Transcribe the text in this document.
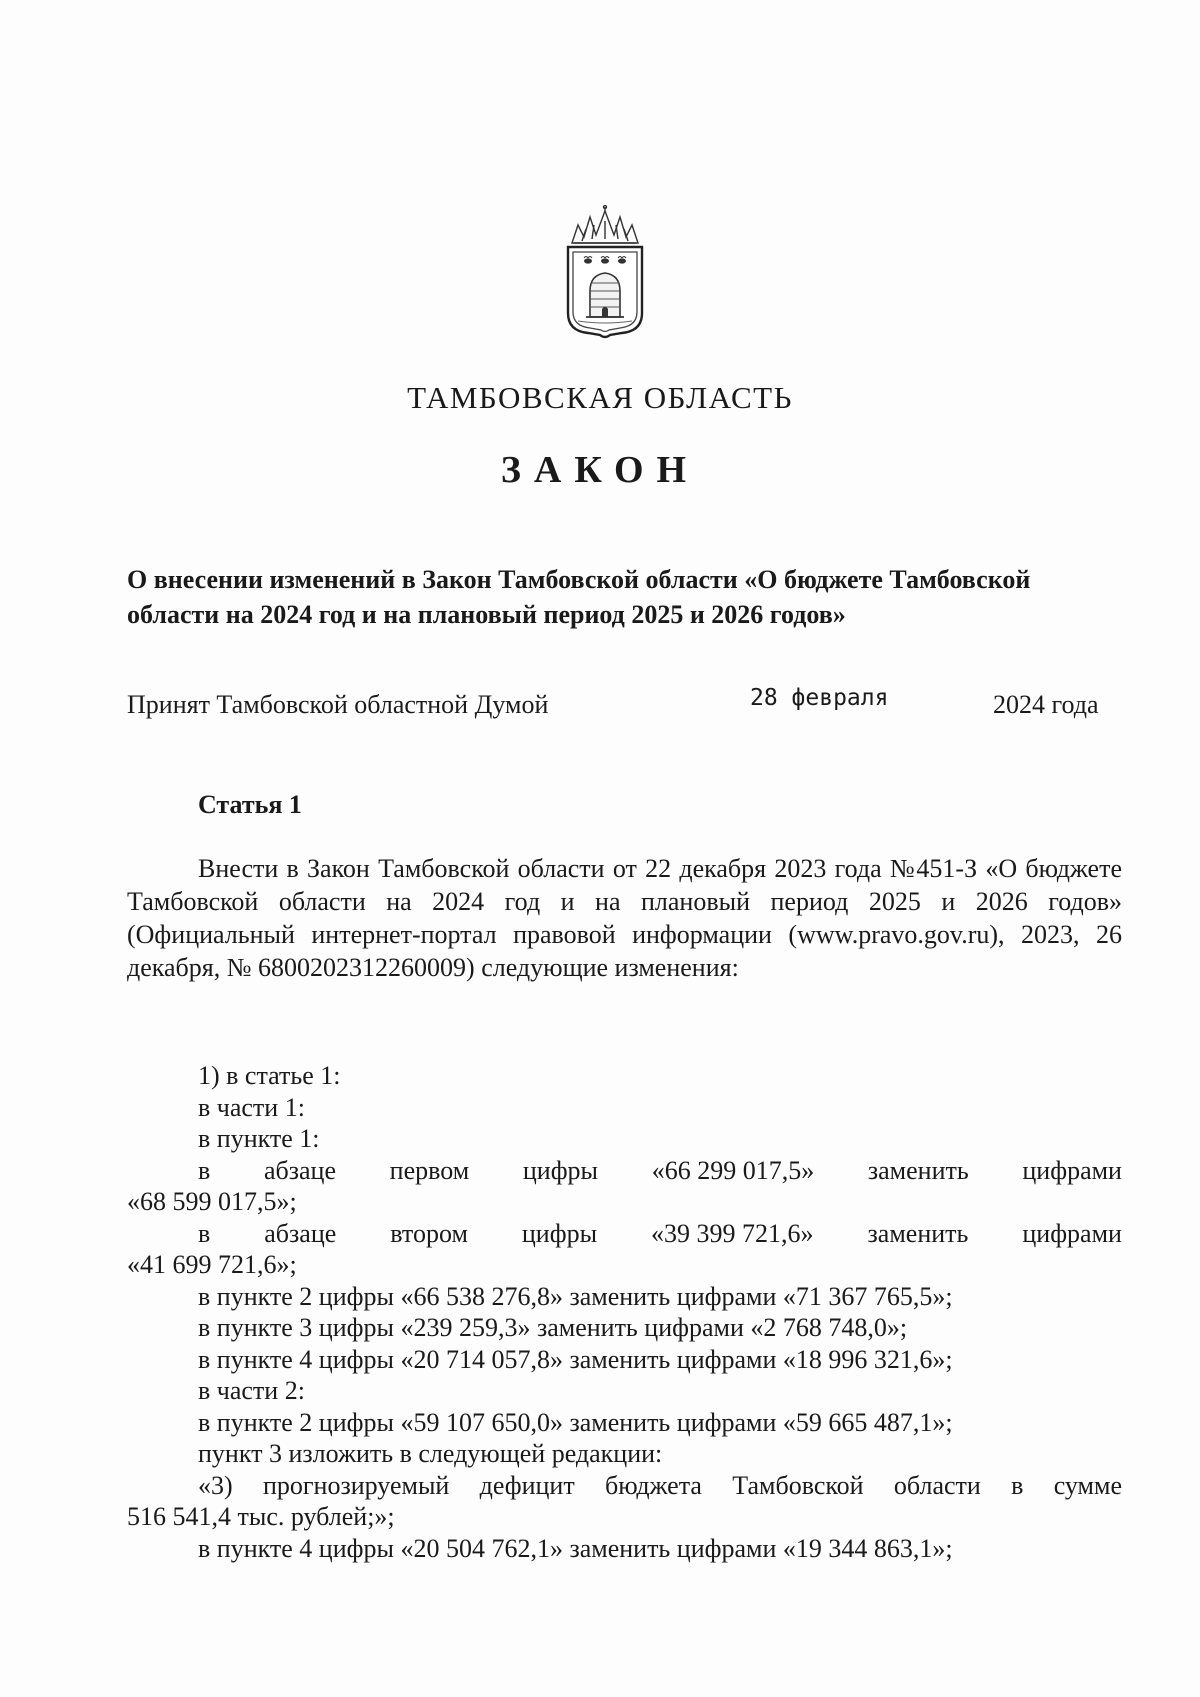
ТАМБОВСКАЯ ОБЛАСТЬ
ЗАКОН
О внесении изменений в Закон Тамбовской области «О бюджете Тамбовской
области на 2024 год и на плановый период 2025 и 2026 годов»
Принят Тамбовской областной Думой	28 февраля	2024 года
Статья 1
Внести в Закон Тамбовской области от 22 декабря 2023 года №451-З «О бюджете Тамбовской области на 2024 год и на плановый период 2025 и 2026 годов» (Официальный интернет-портал правовой информации (www.pravo.gov.ru), 2023, 26 декабря, № 6800202312260009) следующие изменения:
1) в статье 1:
в части 1:
в пункте 1:
в абзаце первом цифры «66 299 017,5» заменить цифрами
«68 599 017,5»;
в абзаце втором цифры «39 399 721,6» заменить цифрами
«41 699 721,6»;
в пункте 2 цифры «66 538 276,8» заменить цифрами «71 367 765,5»;
в пункте 3 цифры «239 259,3» заменить цифрами «2 768 748,0»;
в пункте 4 цифры «20 714 057,8» заменить цифрами «18 996 321,6»;
в части 2:
в пункте 2 цифры «59 107 650,0» заменить цифрами «59 665 487,1»;
пункт 3 изложить в следующей редакции:
«3) прогнозируемый дефицит бюджета Тамбовской области в сумме
516 541,4 тыс. рублей;»;
в пункте 4 цифры «20 504 762,1» заменить цифрами «19 344 863,1»;
